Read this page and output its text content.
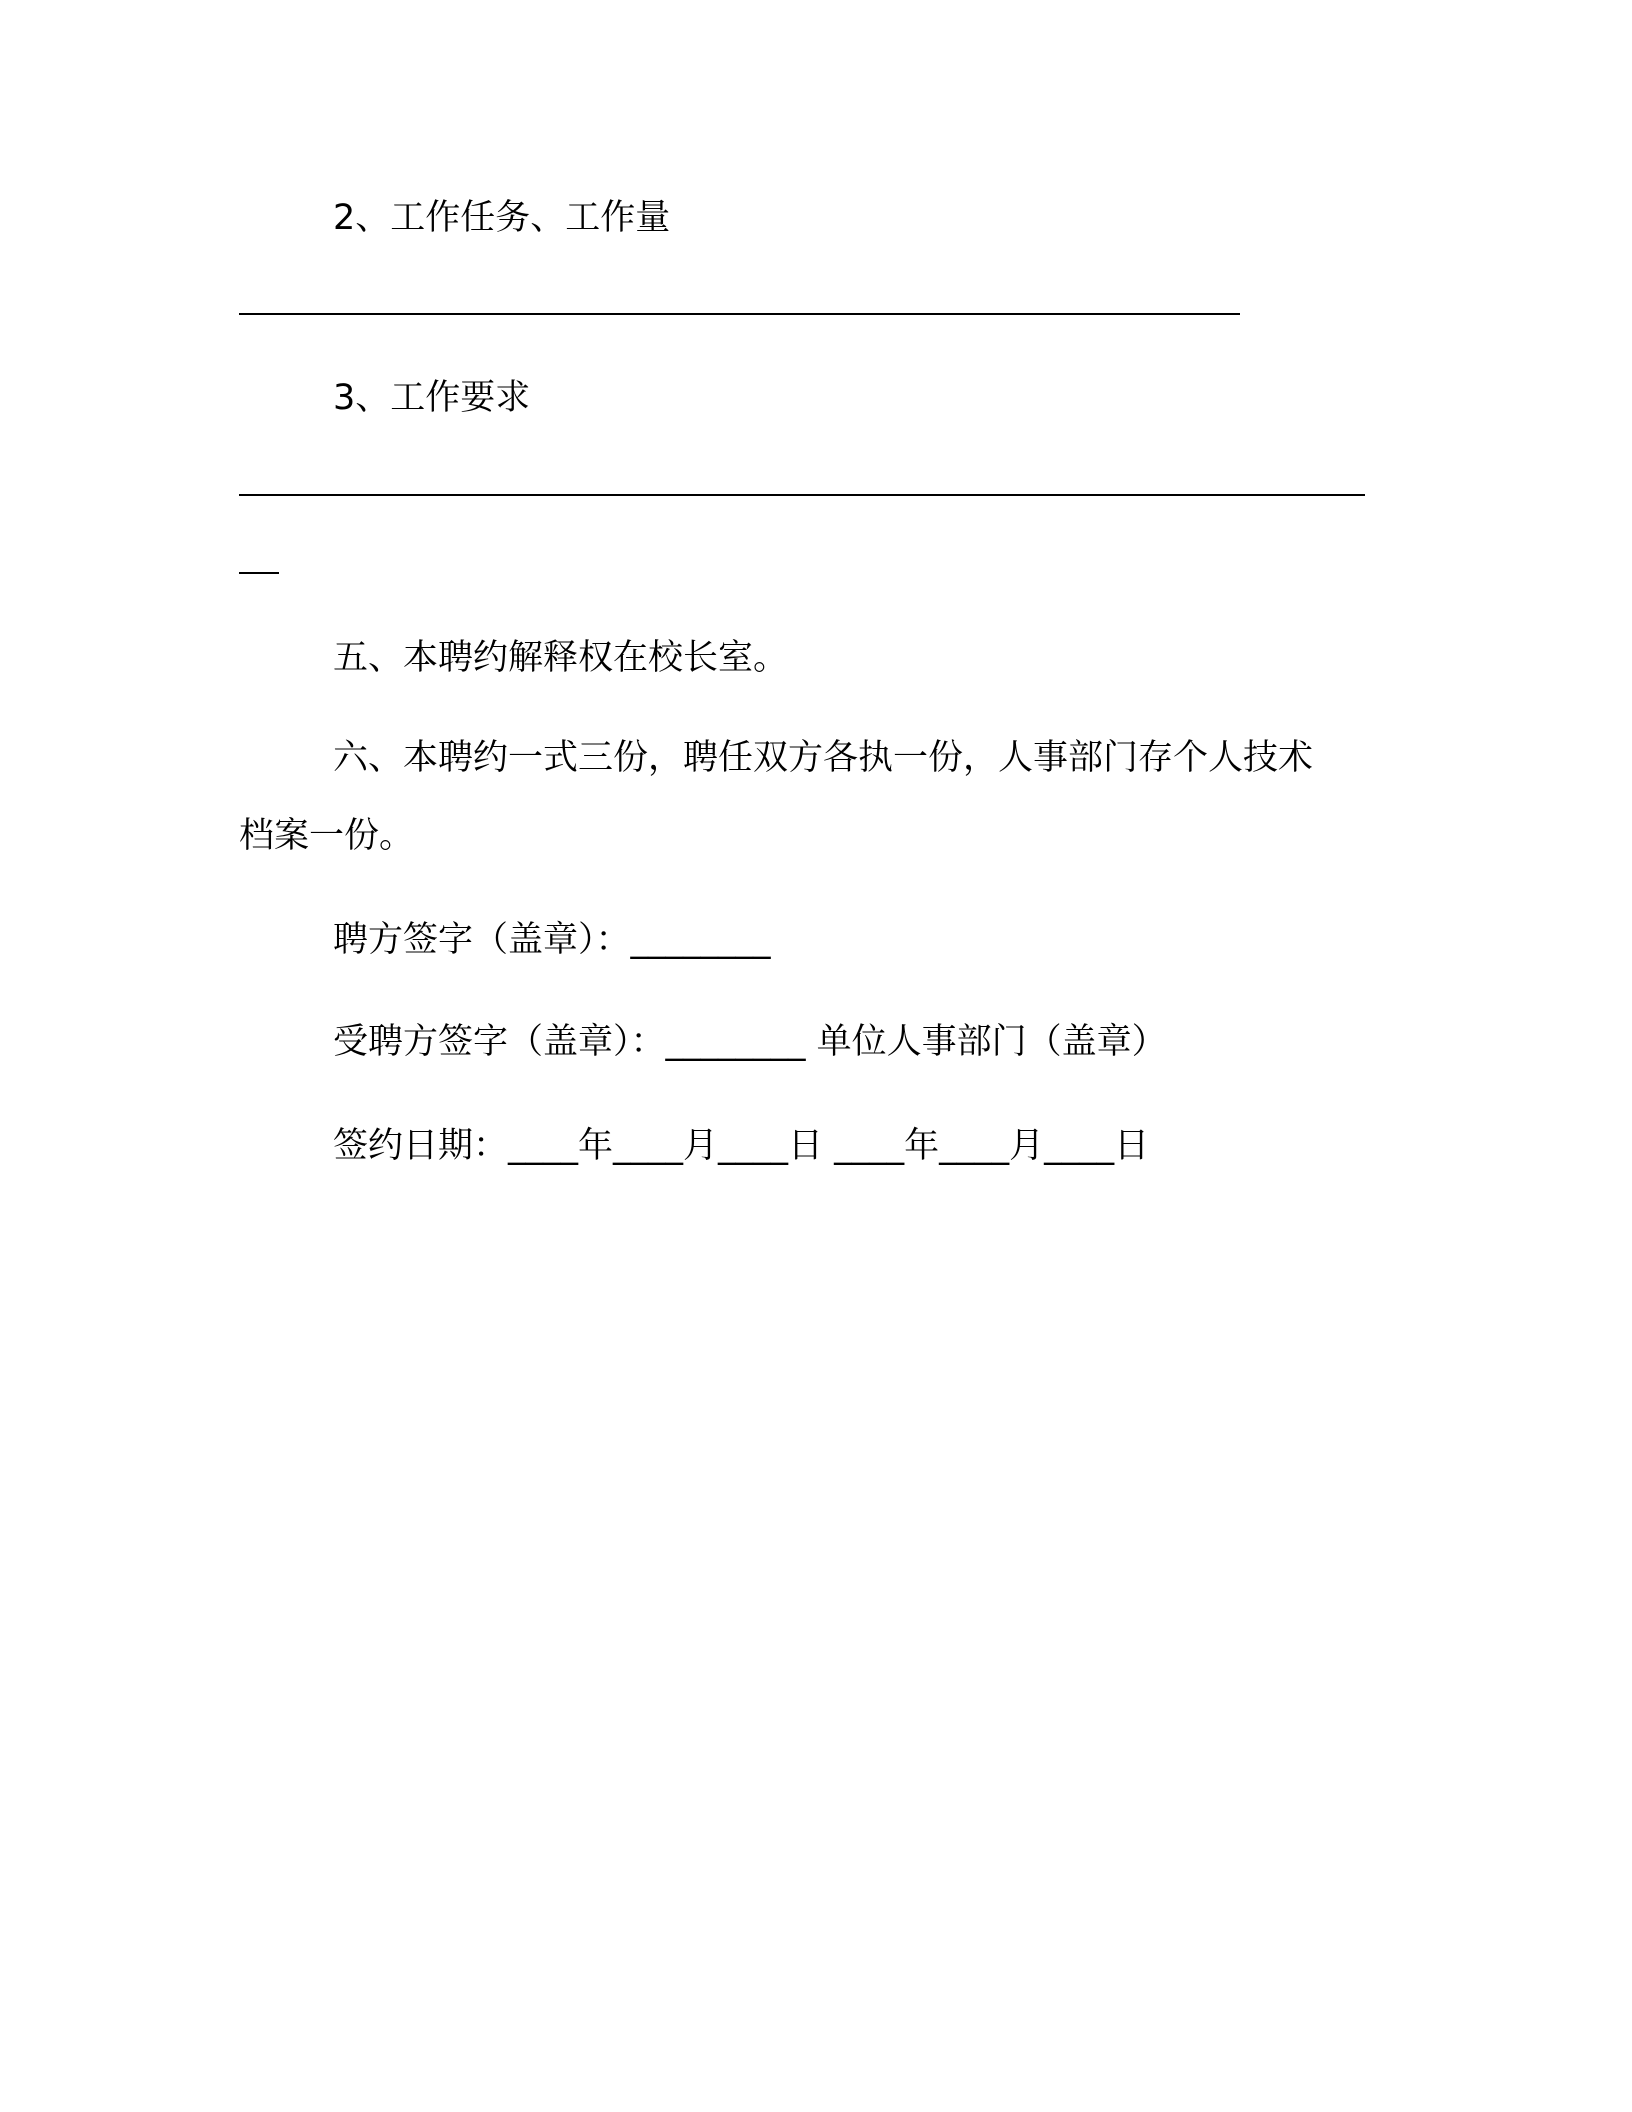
2、工作任务、工作量

3、工作要求

五、本聘约解释权在校长室。

六、本聘约一式三份，聘任双方各执一份，人事部门存个人技术

档案一份。

聘方签字（盖章）：________

受聘方签字（盖章）：________ 单位人事部门（盖章）

签约日期：____年____月____日 ____年____月____日
